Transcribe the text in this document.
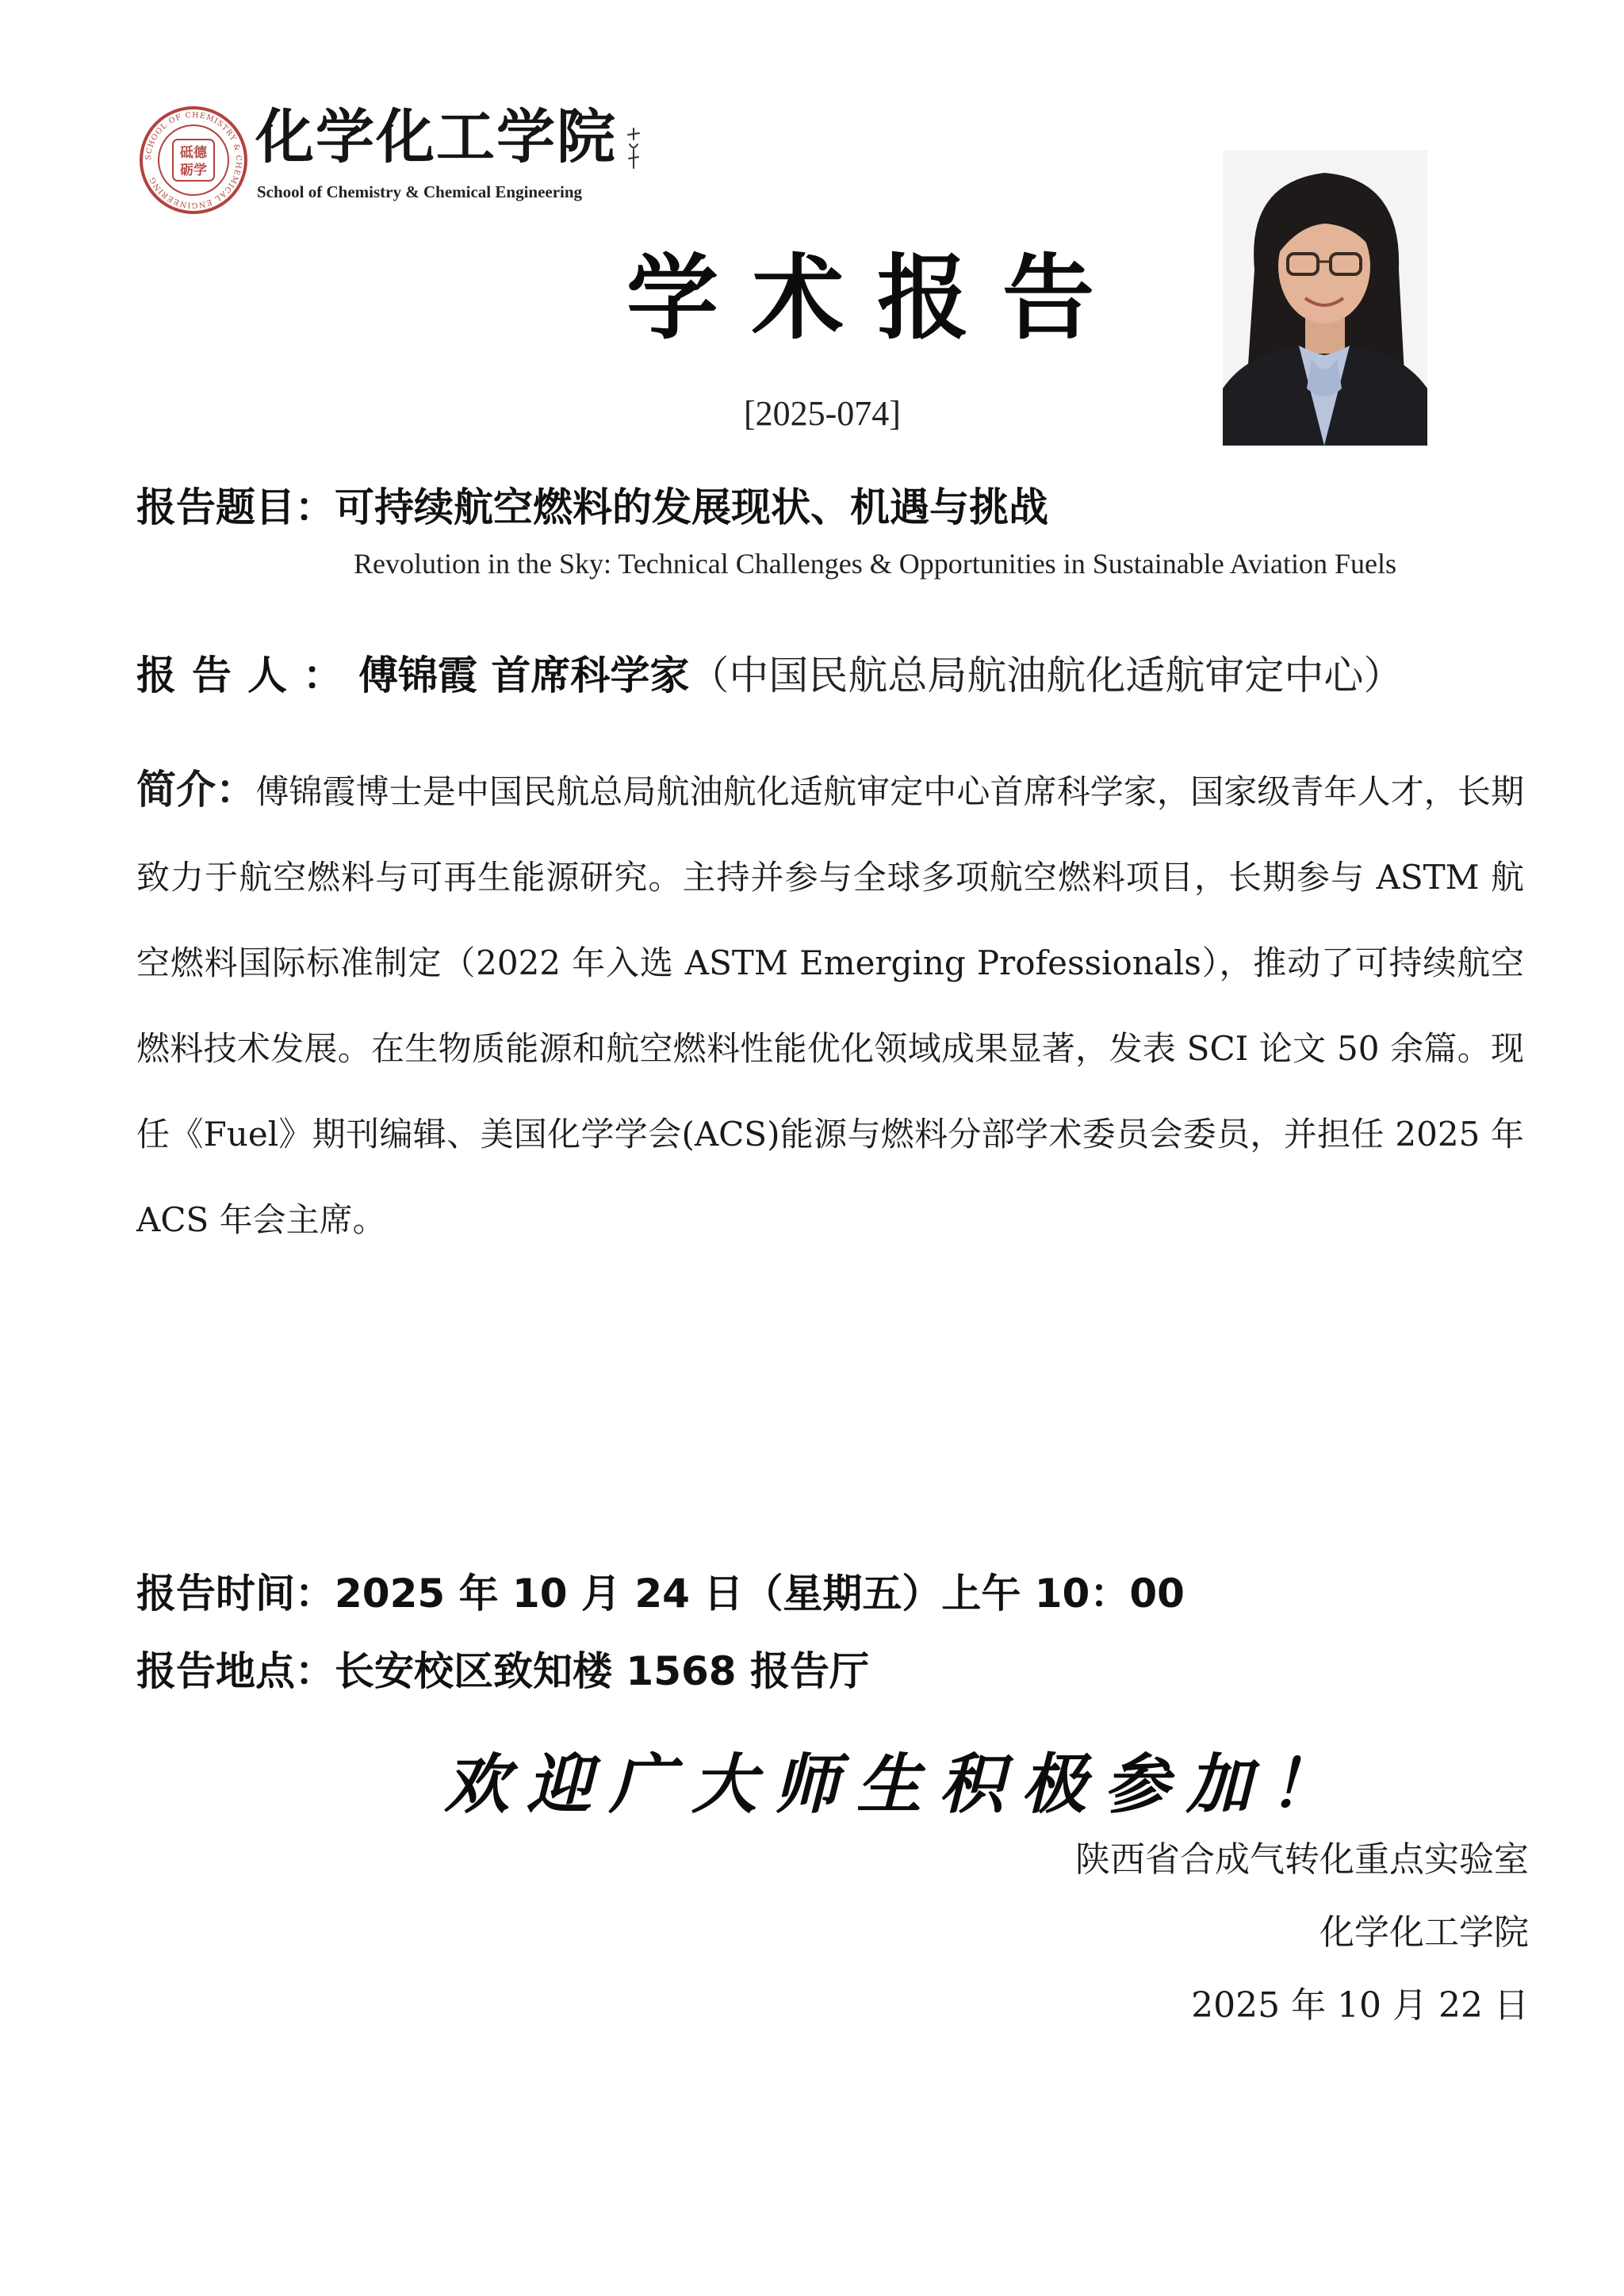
SCHOOL OF CHEMISTRY & CHEMICAL ENGINEERING
砥德
砺学 化学化工学院
School of Chemistry & Chemical Engineering
学术报告
[2025-074]
报告题目：可持续航空燃料的发展现状、机遇与挑战
Revolution in the Sky: Technical Challenges & Opportunities in Sustainable Aviation Fuels
报告人：傅锦霞 首席科学家（中国民航总局航油航化适航审定中心）
简介：傅锦霞博士是中国民航总局航油航化适航审定中心首席科学家，国家级青年人才，长期致力于航空燃料与可再生能源研究。主持并参与全球多项航空燃料项目，长期参与 ASTM 航空燃料国际标准制定（2022 年入选 ASTM Emerging Professionals），推动了可持续航空燃料技术发展。在生物质能源和航空燃料性能优化领域成果显著，发表 SCI 论文 50 余篇。现任《Fuel》期刊编辑、美国化学学会(ACS)能源与燃料分部学术委员会委员，并担任 2025 年 ACS 年会主席。
报告时间：2025 年 10 月 24 日（星期五）上午 10：00
报告地点：长安校区致知楼 1568 报告厅
欢迎广大师生积极参加！
陕西省合成气转化重点实验室
化学化工学院
2025 年 10 月 22 日
